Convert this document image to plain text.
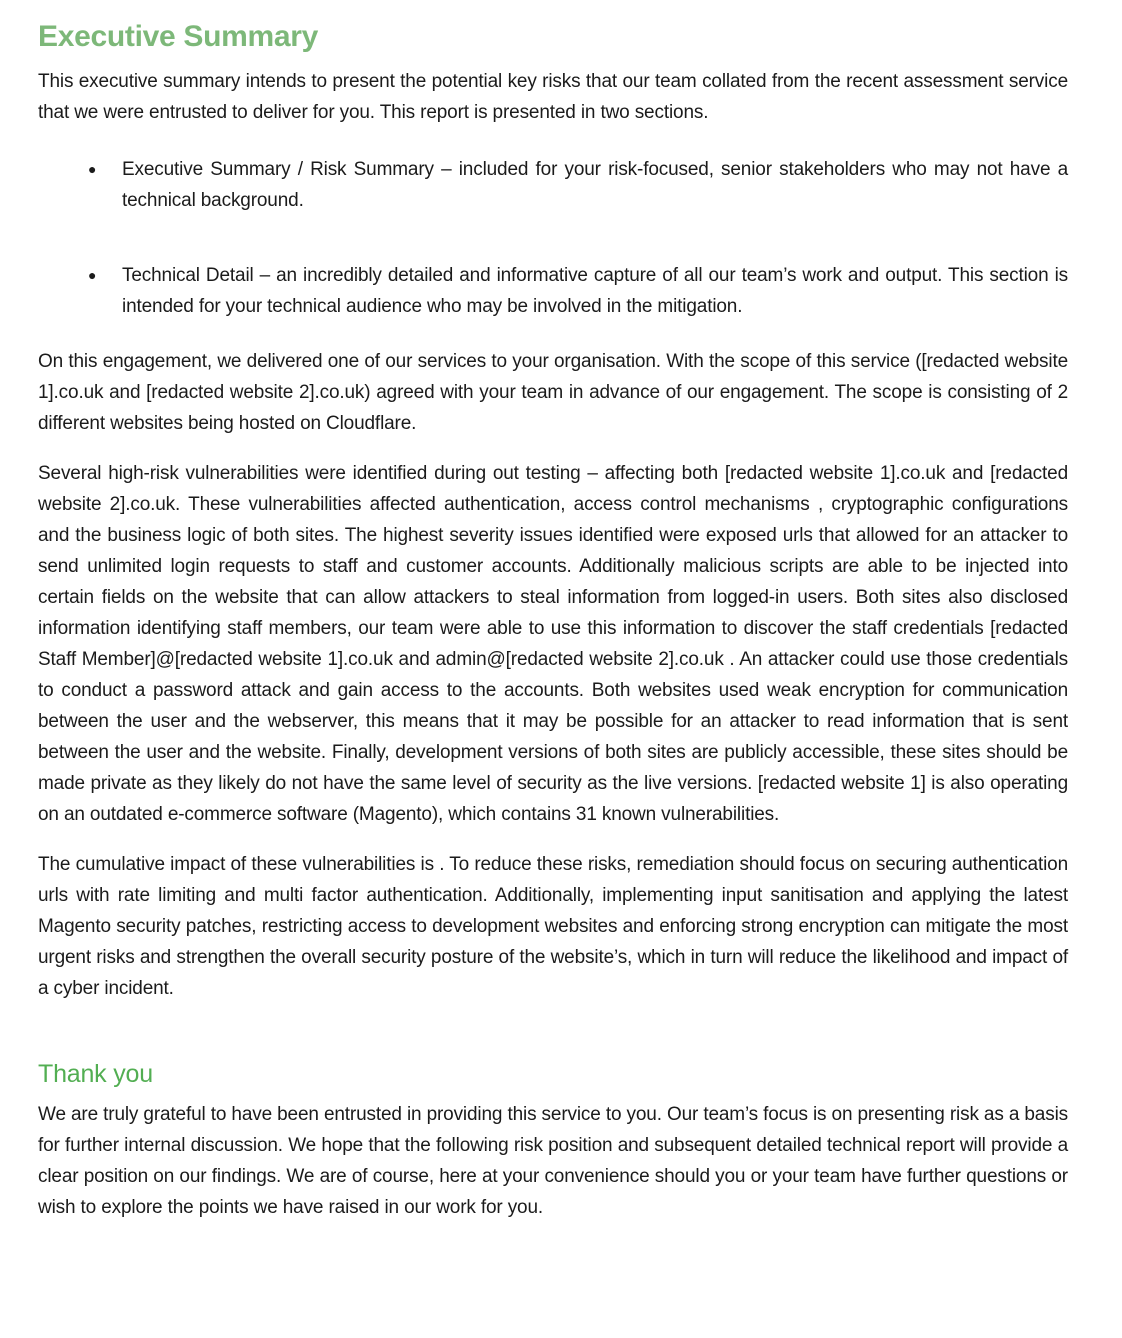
Executive Summary

This executive summary intends to present the potential key risks that our team collated from the recent assessment service that we were entrusted to deliver for you. This report is presented in two sections.

●	Executive Summary / Risk Summary – included for your risk-focused, senior stakeholders who may not have a technical background.
●	Technical Detail – an incredibly detailed and informative capture of all our team’s work and output. This section is intended for your technical audience who may be involved in the mitigation.

On this engagement, we delivered one of our services to your organisation. With the scope of this service ([redacted website 1].co.uk and [redacted website 2].co.uk) agreed with your team in advance of our engagement. The scope is consisting of 2 different websites being hosted on Cloudflare.

Several high-risk vulnerabilities were identified during out testing – affecting both [redacted website 1].co.uk and [redacted website 2].co.uk. These vulnerabilities affected authentication, access control mechanisms , cryptographic configurations and the business logic of both sites. The highest severity issues identified were exposed urls that allowed for an attacker to send unlimited login requests to staff and customer accounts. Additionally malicious scripts are able to be injected into certain fields on the website that can allow attackers to steal information from logged-in users. Both sites also disclosed information identifying staff members, our team were able to use this information to discover the staff credentials [redacted Staff Member]@[redacted website 1].co.uk and admin@[redacted website 2].co.uk . An attacker could use those credentials to conduct a password attack and gain access to the accounts. Both websites used weak encryption for communication between the user and the webserver, this means that it may be possible for an attacker to read information that is sent between the user and the website. Finally, development versions of both sites are publicly accessible, these sites should be made private as they likely do not have the same level of security as the live versions. [redacted website 1] is also operating on an outdated e-commerce software (Magento), which contains 31 known vulnerabilities.

The cumulative impact of these vulnerabilities is . To reduce these risks, remediation should focus on securing authentication urls with rate limiting and multi factor authentication. Additionally, implementing input sanitisation and applying the latest Magento security patches, restricting access to development websites and enforcing strong encryption can mitigate the most urgent risks and strengthen the overall security posture of the website’s, which in turn will reduce the likelihood and impact of a cyber incident.

Thank you

We are truly grateful to have been entrusted in providing this service to you. Our team’s focus is on presenting risk as a basis for further internal discussion. We hope that the following risk position and subsequent detailed technical report will provide a clear position on our findings. We are of course, here at your convenience should you or your team have further questions or wish to explore the points we have raised in our work for you.
